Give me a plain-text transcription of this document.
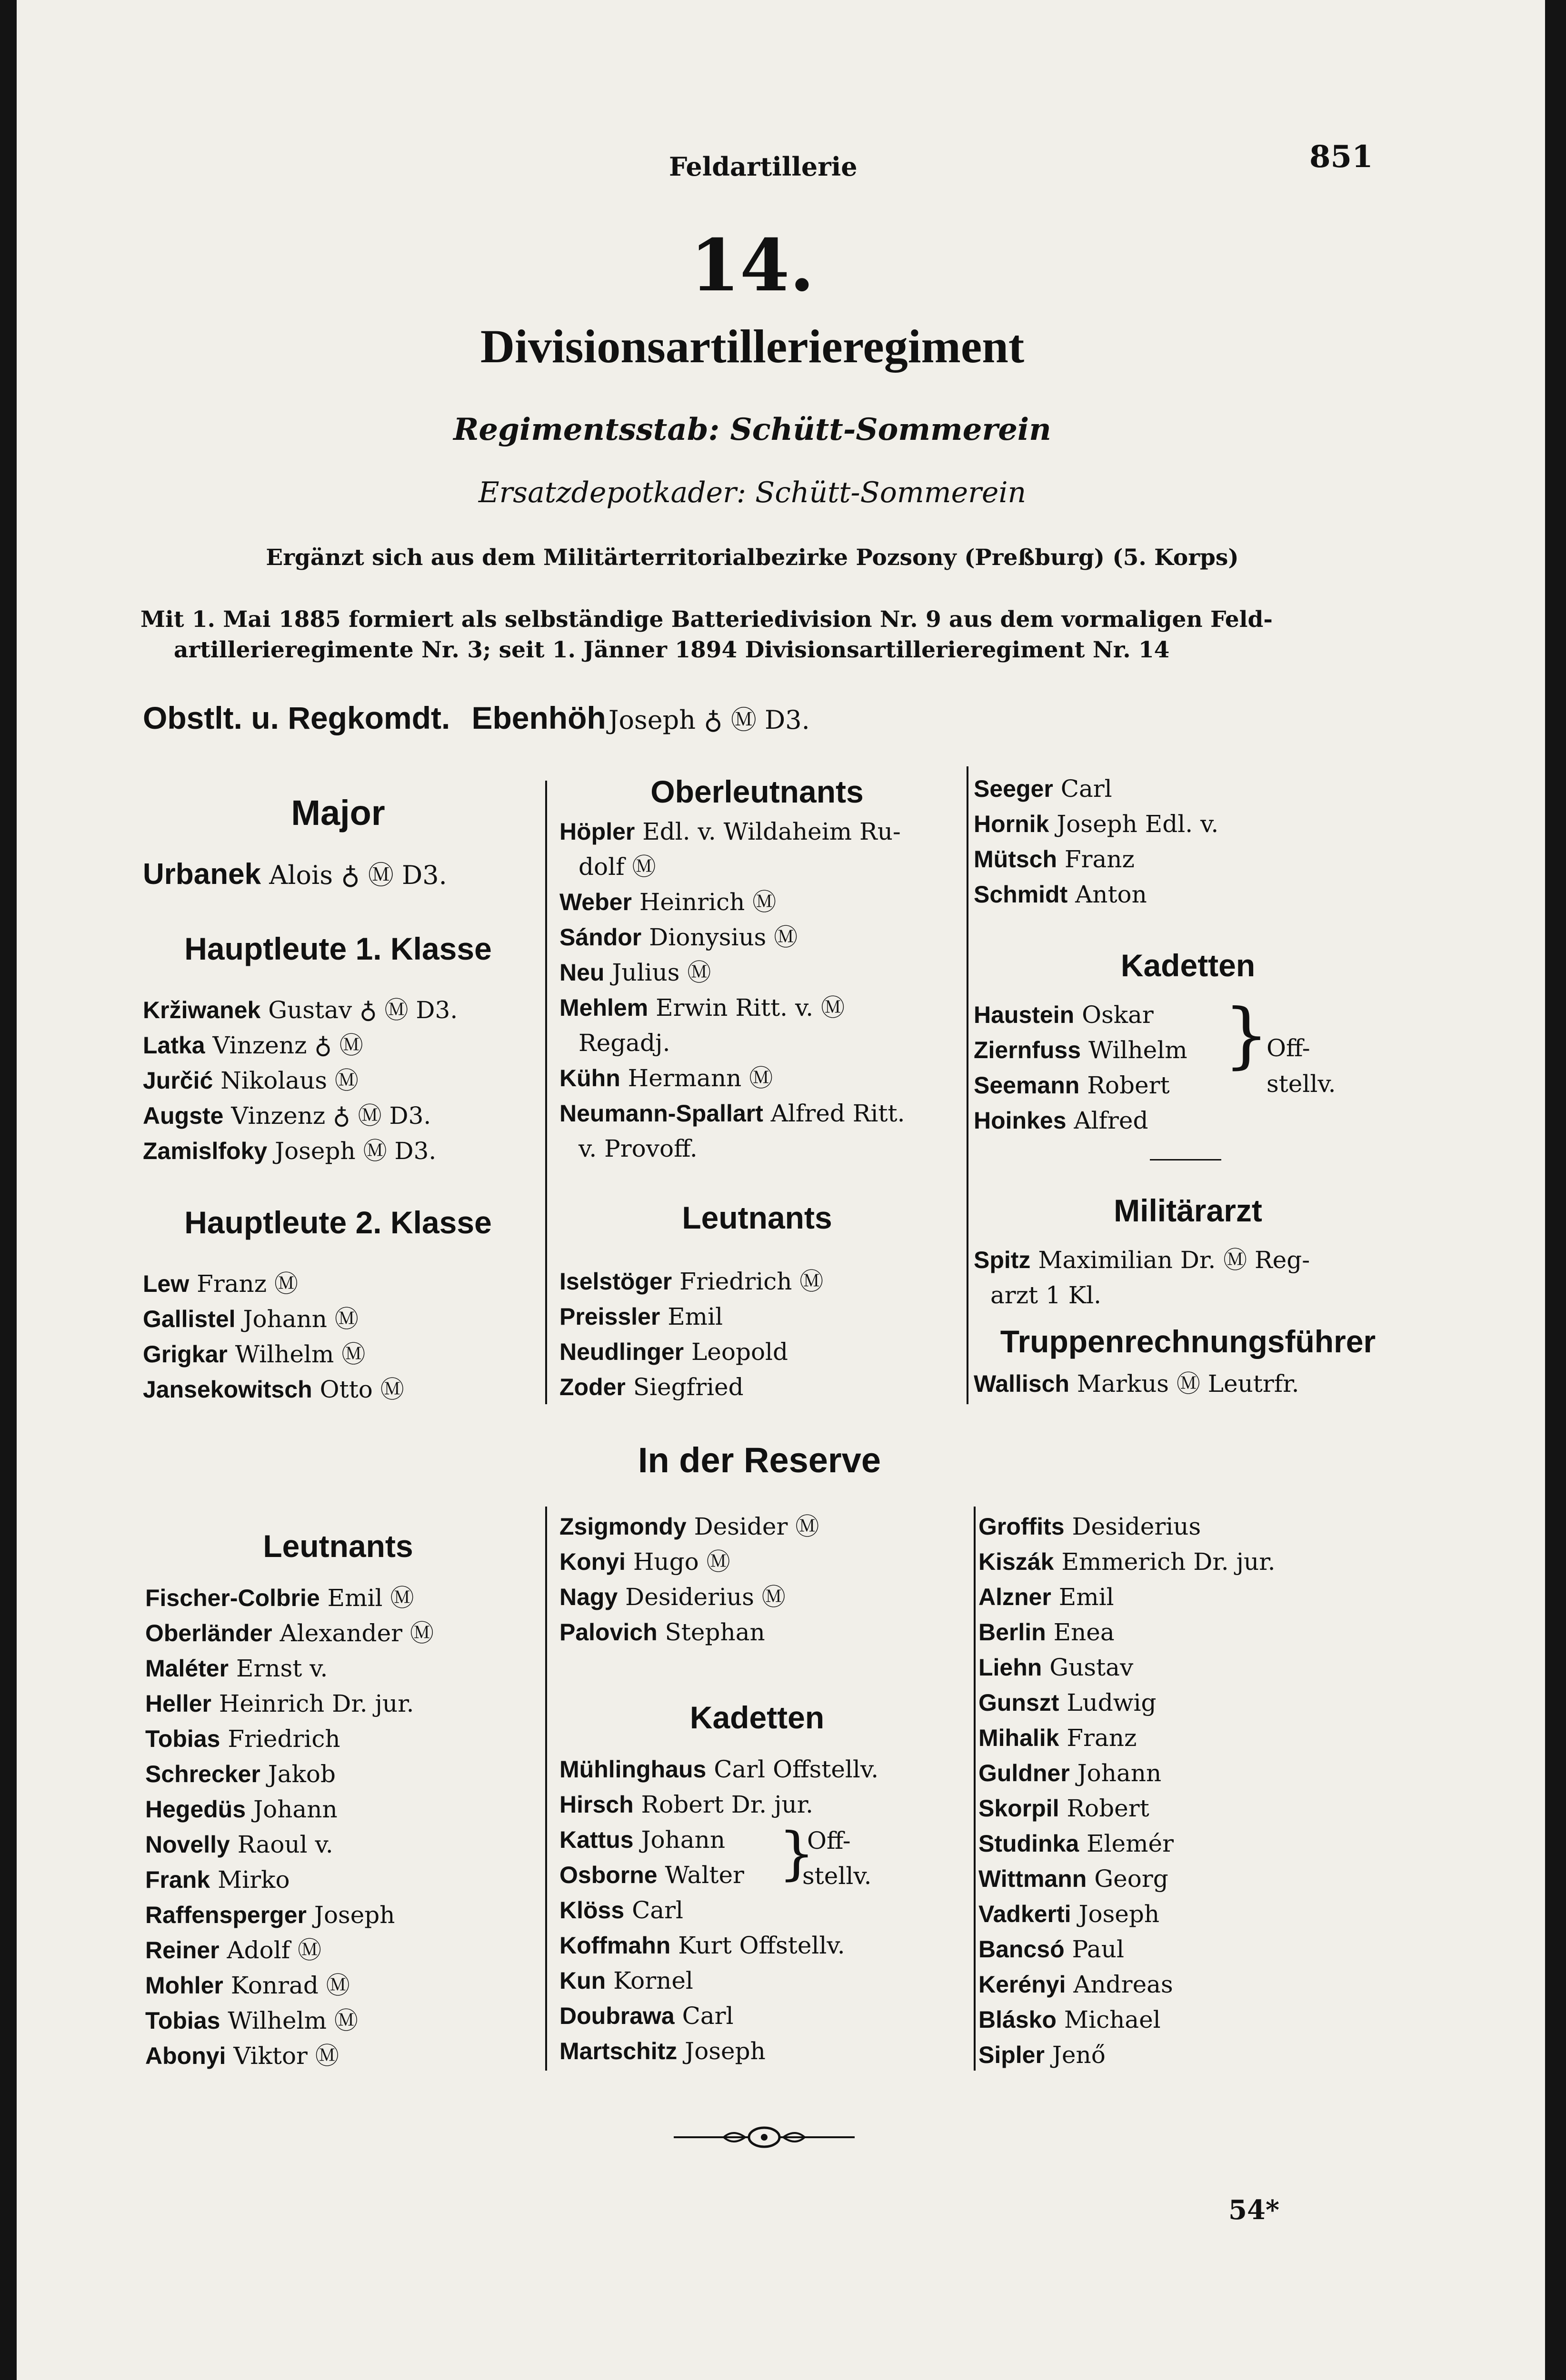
Feldartillerie	851
14.
Divisionsartillerieregiment
Regimentsstab: Schütt-Sommerein
Ersatzdepotkader: Schütt-Sommerein
Ergänzt sich aus dem Militärterritorialbezirke Pozsony (Preßburg) (5. Korps)
Mit 1. Mai 1885 formiert als selbständige Batteriedivision Nr. 9 aus dem vormaligen Feld-
artillerieregimente Nr. 3; seit 1. Jänner 1894 Divisionsartillerieregiment Nr. 14
Obstlt. u. Regkomdt. Ebenhöh Joseph ♁ Ⓜ D3.
Major
Urbanek Alois ♁ Ⓜ D3.
Hauptleute 1. Klasse
Kržiwanek Gustav ♁ Ⓜ D3.
Latka Vinzenz ♁ Ⓜ
Jurčić Nikolaus Ⓜ
Augste Vinzenz ♁ Ⓜ D3.
Zamislfoky Joseph Ⓜ D3.
Hauptleute 2. Klasse
Lew Franz Ⓜ
Gallistel Johann Ⓜ
Grigkar Wilhelm Ⓜ
Jansekowitsch Otto Ⓜ
Oberleutnants
Höpler Edl. v. Wildaheim Ru-
dolf Ⓜ
Weber Heinrich Ⓜ
Sándor Dionysius Ⓜ
Neu Julius Ⓜ
Mehlem Erwin Ritt. v. Ⓜ
Regadj.
Kühn Hermann Ⓜ
Neumann-Spallart Alfred Ritt.
v. Provoff.
Leutnants
Iselstöger Friedrich Ⓜ
Preissler Emil
Neudlinger Leopold
Zoder Siegfried
Seeger Carl
Hornik Joseph Edl. v.
Mütsch Franz
Schmidt Anton
Kadetten
Haustein Oskar
Ziernfuss Wilhelm
Seemann Robert
Hoinkes Alfred
}
Off-
stellv.
Militärarzt
Spitz Maximilian Dr. Ⓜ Reg-
arzt 1 Kl.
Truppenrechnungsführer
Wallisch Markus Ⓜ Leutrfr.
In der Reserve
Leutnants
Fischer-Colbrie Emil Ⓜ
Oberländer Alexander Ⓜ
Maléter Ernst v.
Heller Heinrich Dr. jur.
Tobias Friedrich
Schrecker Jakob
Hegedüs Johann
Novelly Raoul v.
Frank Mirko
Raffensperger Joseph
Reiner Adolf Ⓜ
Mohler Konrad Ⓜ
Tobias Wilhelm Ⓜ
Abonyi Viktor Ⓜ
Zsigmondy Desider Ⓜ
Konyi Hugo Ⓜ
Nagy Desiderius Ⓜ
Palovich Stephan
Kadetten
Mühlinghaus Carl Offstellv.
Hirsch Robert Dr. jur.
Kattus Johann
Osborne Walter
Klöss Carl
Koffmahn Kurt Offstellv.
Kun Kornel
Doubrawa Carl
Martschitz Joseph
}
Off-
stellv.
Groffits Desiderius
Kiszák Emmerich Dr. jur.
Alzner Emil
Berlin Enea
Liehn Gustav
Gunszt Ludwig
Mihalik Franz
Guldner Johann
Skorpil Robert
Studinka Elemér
Wittmann Georg
Vadkerti Joseph
Bancsó Paul
Kerényi Andreas
Blásko Michael
Sipler Jenő
54*
